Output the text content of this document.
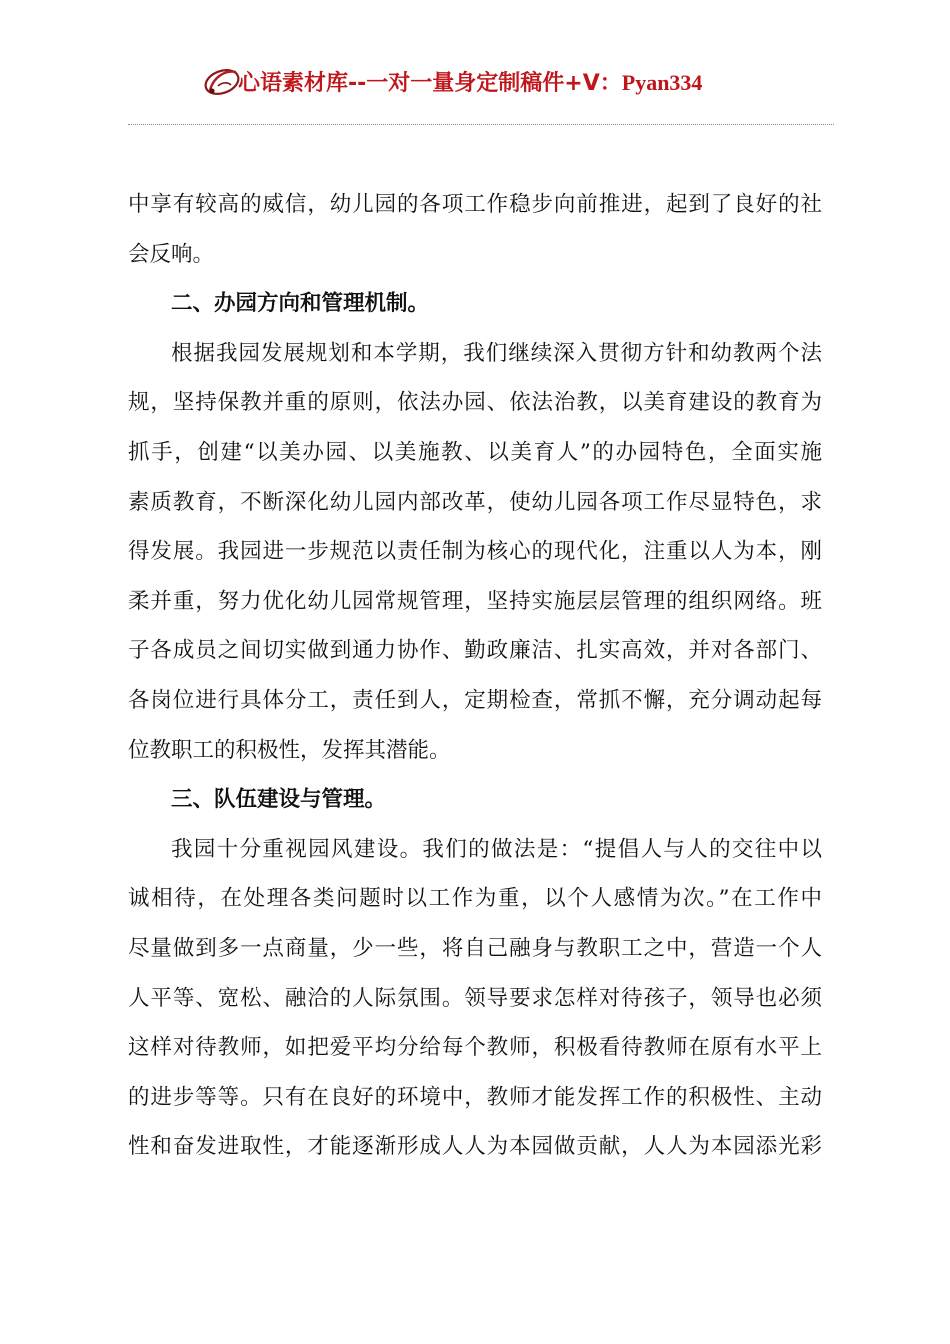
心语素材库--一对一量身定制稿件+V：Pyan334
中享有较高的威信，幼儿园的各项工作稳步向前推进，起到了良好的社
会反响。
二、办园方向和管理机制。
根据我园发展规划和本学期，我们继续深入贯彻方针和幼教两个法
规，坚持保教并重的原则，依法办园、依法治教，以美育建设的教育为
抓手，创建“以美办园、以美施教、以美育人”的办园特色，全面实施
素质教育，不断深化幼儿园内部改革，使幼儿园各项工作尽显特色，求
得发展。我园进一步规范以责任制为核心的现代化，注重以人为本，刚
柔并重，努力优化幼儿园常规管理，坚持实施层层管理的组织网络。班
子各成员之间切实做到通力协作、勤政廉洁、扎实高效，并对各部门、
各岗位进行具体分工，责任到人，定期检查，常抓不懈，充分调动起每
位教职工的积极性，发挥其潜能。
三、队伍建设与管理。
我园十分重视园风建设。我们的做法是：“提倡人与人的交往中以
诚相待，在处理各类问题时以工作为重，以个人感情为次。”在工作中
尽量做到多一点商量，少一些，将自己融身与教职工之中，营造一个人
人平等、宽松、融洽的人际氛围。领导要求怎样对待孩子，领导也必须
这样对待教师，如把爱平均分给每个教师，积极看待教师在原有水平上
的进步等等。只有在良好的环境中，教师才能发挥工作的积极性、主动
性和奋发进取性，才能逐渐形成人人为本园做贡献，人人为本园添光彩
